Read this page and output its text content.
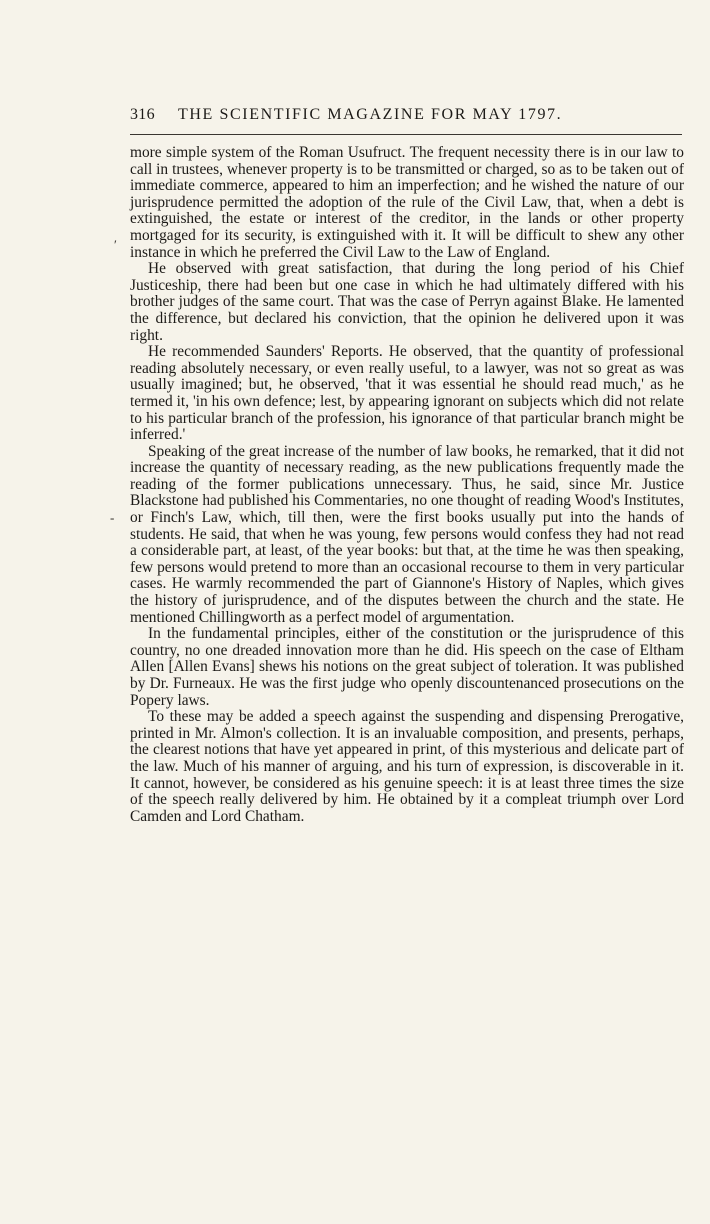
316	THE SCIENTIFIC MAGAZINE FOR MAY 1797.

more simple system of the Roman Usufruct. The frequent necessity there is in our law to call in trustees, whenever property is to be transmitted or charged, so as to be taken out of immediate commerce, appeared to him an imperfection; and he wished the nature of our jurisprudence permitted the adoption of the rule of the Civil Law, that, when a debt is extinguished, the estate or interest of the creditor, in the lands or other property mortgaged for its security, is extinguished with it. It will be difficult to shew any other instance in which he preferred the Civil Law to the Law of England.

He observed with great satisfaction, that during the long period of his Chief Justiceship, there had been but one case in which he had ultimately differed with his brother judges of the same court. That was the case of Perryn against Blake. He lamented the difference, but declared his conviction, that the opinion he delivered upon it was right.

He recommended Saunders' Reports. He observed, that the quantity of professional reading absolutely necessary, or even really useful, to a lawyer, was not so great as was usually imagined; but, he observed, 'that it was essential he should read much,' as he termed it, 'in his own defence; lest, by appearing ignorant on subjects which did not relate to his particular branch of the profession, his ignorance of that particular branch might be inferred.'

Speaking of the great increase of the number of law books, he remarked, that it did not increase the quantity of necessary reading, as the new publications frequently made the reading of the former publications unnecessary. Thus, he said, since Mr. Justice Blackstone had published his Commentaries, no one thought of reading Wood's Institutes, or Finch's Law, which, till then, were the first books usually put into the hands of students. He said, that when he was young, few persons would confess they had not read a considerable part, at least, of the year books: but that, at the time he was then speaking, few persons would pretend to more than an occasional recourse to them in very particular cases. He warmly recommended the part of Giannone's History of Naples, which gives the history of jurisprudence, and of the disputes between the church and the state. He mentioned Chillingworth as a perfect model of argumentation.

In the fundamental principles, either of the constitution or the jurisprudence of this country, no one dreaded innovation more than he did. His speech on the case of Eltham Allen [Allen Evans] shews his notions on the great subject of toleration. It was published by Dr. Furneaux. He was the first judge who openly discountenanced prosecutions on the Popery laws.

To these may be added a speech against the suspending and dispensing Prerogative, printed in Mr. Almon's collection. It is an invaluable composition, and presents, perhaps, the clearest notions that have yet appeared in print, of this mysterious and delicate part of the law. Much of his manner of arguing, and his turn of expression, is discoverable in it. It cannot, however, be considered as his genuine speech: it is at least three times the size of the speech really delivered by him. He obtained by it a compleat triumph over Lord Camden and Lord Chatham.

ʹ
-
